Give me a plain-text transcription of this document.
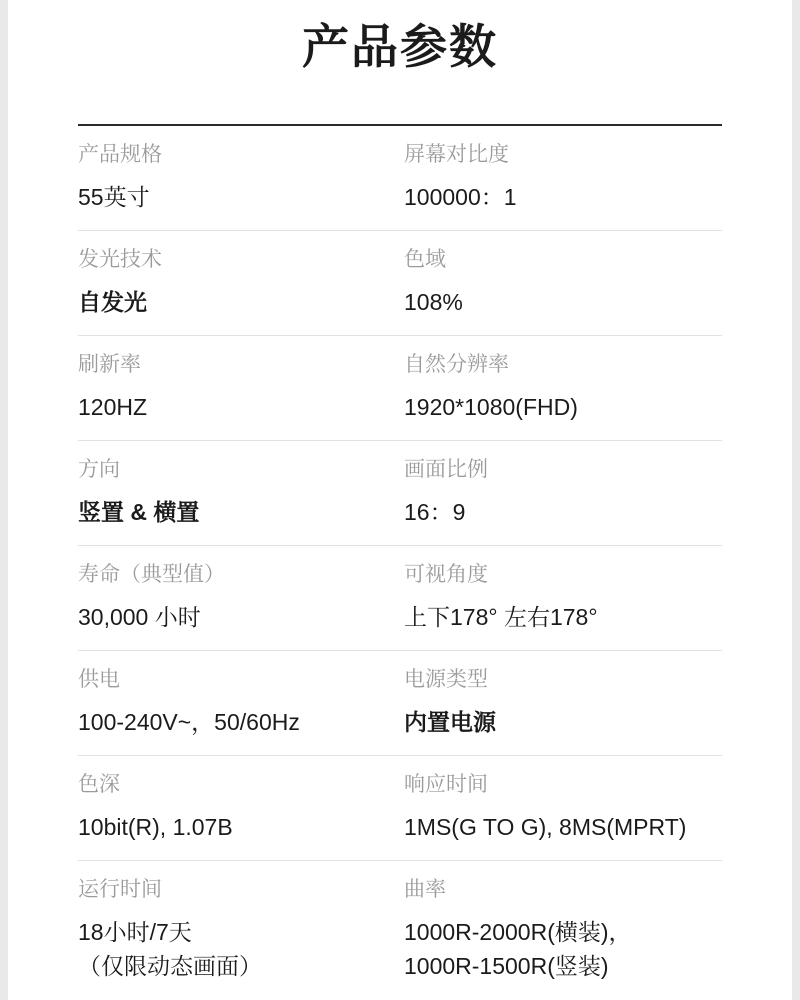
产品参数
产品规格
55英寸
屏幕对比度
100000：1
发光技术
自发光
色域
108%
刷新率
120HZ
自然分辨率
1920*1080(FHD)
方向
竖置 & 横置
画面比例
16：9
寿命（典型值）
30,000 小时
可视角度
上下178° 左右178°
供电
100-240V~，50/60Hz
电源类型
内置电源
色深
10bit(R), 1.07B
响应时间
1MS(G TO G), 8MS(MPRT)
运行时间
18小时/7天
（仅限动态画面）
曲率
1000R-2000R(横装)，
1000R-1500R(竖装)
